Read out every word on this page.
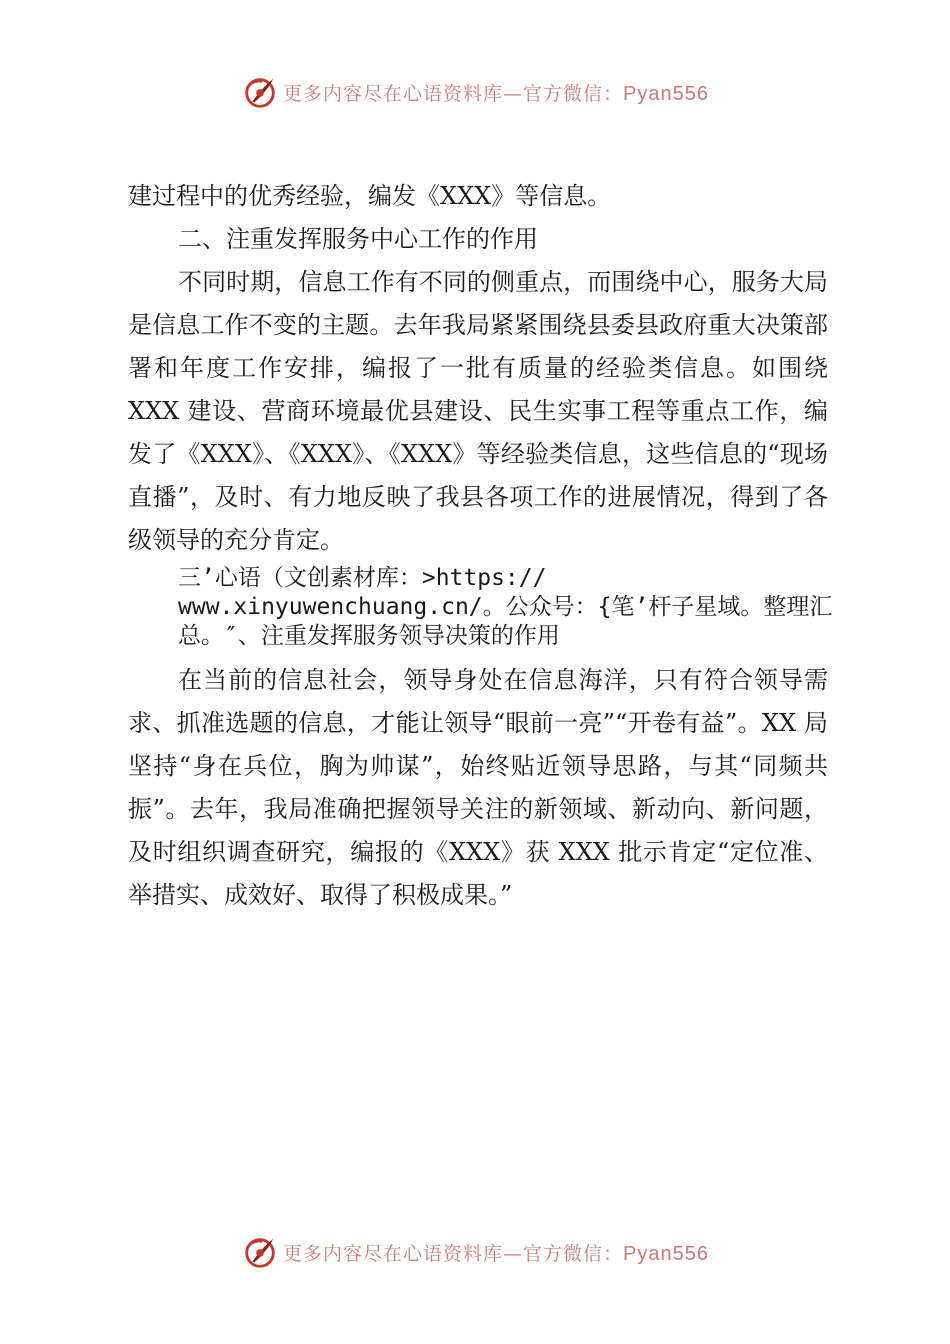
更多内容尽在心语资料库—官方微信：Pyan556

建过程中的优秀经验，编发《XXX》等信息。

二、注重发挥服务中心工作的作用

不同时期，信息工作有不同的侧重点，而围绕中心，服务大局是信息工作不变的主题。去年我局紧紧围绕县委县政府重大决策部署和年度工作安排，编报了一批有质量的经验类信息。如围绕 XXX 建设、营商环境最优县建设、民生实事工程等重点工作，编发了《XXX》、《XXX》、《XXX》等经验类信息，这些信息的“现场直播”，及时、有力地反映了我县各项工作的进展情况，得到了各级领导的充分肯定。

三’心语（文创素材库：>https://
www.xinyuwenchuang.cn/。公众号：{笔’杆子星域。整理汇
总。″、注重发挥服务领导决策的作用

在当前的信息社会，领导身处在信息海洋，只有符合领导需求、抓准选题的信息，才能让领导“眼前一亮”“开卷有益”。XX 局坚持“身在兵位，胸为帅谋”，始终贴近领导思路，与其“同频共振”。去年，我局准确把握领导关注的新领域、新动向、新问题，及时组织调查研究，编报的《XXX》获 XXX 批示肯定“定位准、举措实、成效好、取得了积极成果。”

更多内容尽在心语资料库—官方微信：Pyan556
